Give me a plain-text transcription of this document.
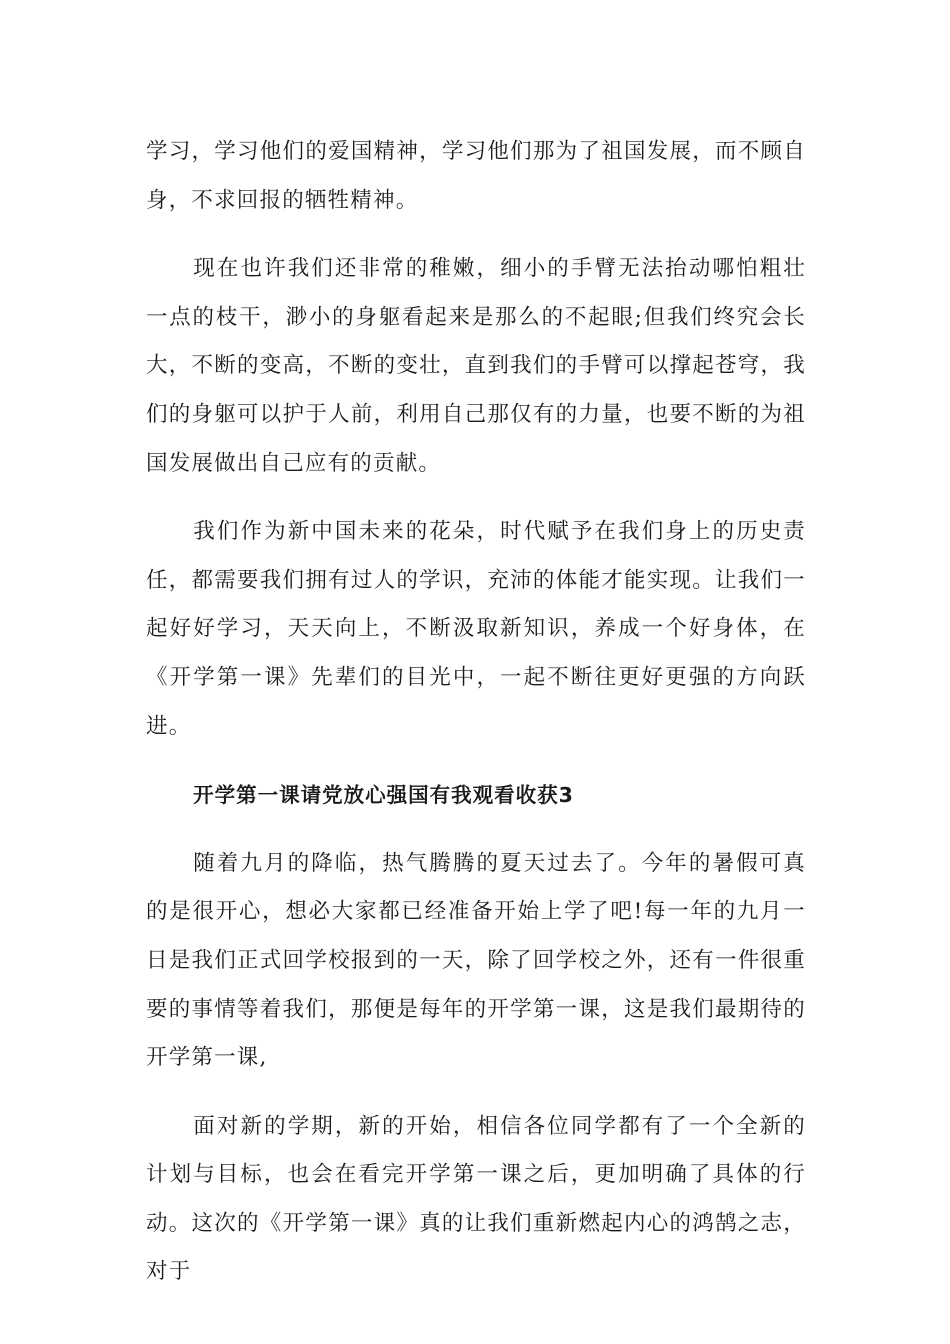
学习，学习他们的爱国精神，学习他们那为了祖国发展，而不顾自身，不求回报的牺牲精神。

现在也许我们还非常的稚嫩，细小的手臂无法抬动哪怕粗壮一点的枝干，渺小的身躯看起来是那么的不起眼;但我们终究会长大，不断的变高，不断的变壮，直到我们的手臂可以撑起苍穹，我们的身躯可以护于人前，利用自己那仅有的力量，也要不断的为祖国发展做出自己应有的贡献。

我们作为新中国未来的花朵，时代赋予在我们身上的历史责任，都需要我们拥有过人的学识，充沛的体能才能实现。让我们一起好好学习，天天向上，不断汲取新知识，养成一个好身体，在《开学第一课》先辈们的目光中，一起不断往更好更强的方向跃进。

开学第一课请党放心强国有我观看收获3

随着九月的降临，热气腾腾的夏天过去了。今年的暑假可真的是很开心，想必大家都已经准备开始上学了吧!每一年的九月一日是我们正式回学校报到的一天，除了回学校之外，还有一件很重要的事情等着我们，那便是每年的开学第一课，这是我们最期待的开学第一课,

面对新的学期，新的开始，相信各位同学都有了一个全新的计划与目标，也会在看完开学第一课之后，更加明确了具体的行动。这次的《开学第一课》真的让我们重新燃起内心的鸿鹄之志，对于
